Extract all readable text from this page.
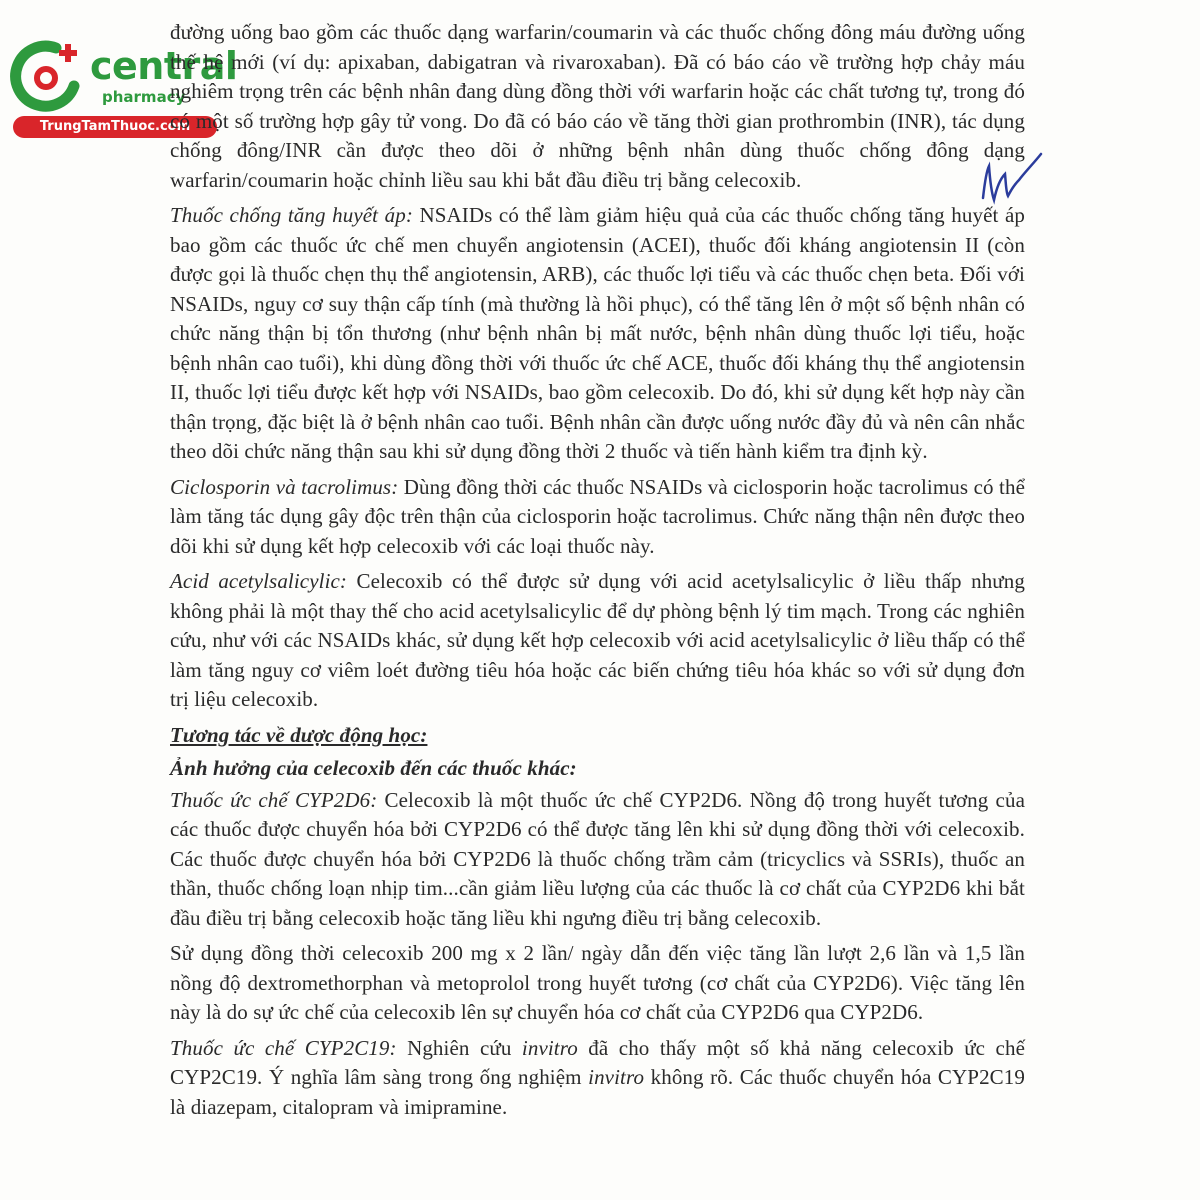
central
pharmacy
TrungTamThuoc.com

đường uống bao gồm các thuốc dạng warfarin/coumarin và các thuốc chống đông máu đường uống thế hệ mới (ví dụ: apixaban, dabigatran và rivaroxaban). Đã có báo cáo về trường hợp chảy máu nghiêm trọng trên các bệnh nhân đang dùng đồng thời với warfarin hoặc các chất tương tự, trong đó có một số trường hợp gây tử vong. Do đã có báo cáo về tăng thời gian prothrombin (INR), tác dụng chống đông/INR cần được theo dõi ở những bệnh nhân dùng thuốc chống đông dạng warfarin/coumarin hoặc chỉnh liều sau khi bắt đầu điều trị bằng celecoxib.

Thuốc chống tăng huyết áp: NSAIDs có thể làm giảm hiệu quả của các thuốc chống tăng huyết áp bao gồm các thuốc ức chế men chuyển angiotensin (ACEI), thuốc đối kháng angiotensin II (còn được gọi là thuốc chẹn thụ thể angiotensin, ARB), các thuốc lợi tiểu và các thuốc chẹn beta. Đối với NSAIDs, nguy cơ suy thận cấp tính (mà thường là hồi phục), có thể tăng lên ở một số bệnh nhân có chức năng thận bị tổn thương (như bệnh nhân bị mất nước, bệnh nhân dùng thuốc lợi tiểu, hoặc bệnh nhân cao tuổi), khi dùng đồng thời với thuốc ức chế ACE, thuốc đối kháng thụ thể angiotensin II, thuốc lợi tiểu được kết hợp với NSAIDs, bao gồm celecoxib. Do đó, khi sử dụng kết hợp này cần thận trọng, đặc biệt là ở bệnh nhân cao tuổi. Bệnh nhân cần được uống nước đầy đủ và nên cân nhắc theo dõi chức năng thận sau khi sử dụng đồng thời 2 thuốc và tiến hành kiểm tra định kỳ.

Ciclosporin và tacrolimus: Dùng đồng thời các thuốc NSAIDs và ciclosporin hoặc tacrolimus có thể làm tăng tác dụng gây độc trên thận của ciclosporin hoặc tacrolimus. Chức năng thận nên được theo dõi khi sử dụng kết hợp celecoxib với các loại thuốc này.

Acid acetylsalicylic: Celecoxib có thể được sử dụng với acid acetylsalicylic ở liều thấp nhưng không phải là một thay thế cho acid acetylsalicylic để dự phòng bệnh lý tim mạch. Trong các nghiên cứu, như với các NSAIDs khác, sử dụng kết hợp celecoxib với acid acetylsalicylic ở liều thấp có thể làm tăng nguy cơ viêm loét đường tiêu hóa hoặc các biến chứng tiêu hóa khác so với sử dụng đơn trị liệu celecoxib.

Tương tác về dược động học:

Ảnh hưởng của celecoxib đến các thuốc khác:

Thuốc ức chế CYP2D6: Celecoxib là một thuốc ức chế CYP2D6. Nồng độ trong huyết tương của các thuốc được chuyển hóa bởi CYP2D6 có thể được tăng lên khi sử dụng đồng thời với celecoxib. Các thuốc được chuyển hóa bởi CYP2D6 là thuốc chống trầm cảm (tricyclics và SSRIs), thuốc an thần, thuốc chống loạn nhịp tim...cần giảm liều lượng của các thuốc là cơ chất của CYP2D6 khi bắt đầu điều trị bằng celecoxib hoặc tăng liều khi ngưng điều trị bằng celecoxib.

Sử dụng đồng thời celecoxib 200 mg x 2 lần/ ngày dẫn đến việc tăng lần lượt 2,6 lần và 1,5 lần nồng độ dextromethorphan và metoprolol trong huyết tương (cơ chất của CYP2D6). Việc tăng lên này là do sự ức chế của celecoxib lên sự chuyển hóa cơ chất của CYP2D6 qua CYP2D6.

Thuốc ức chế CYP2C19: Nghiên cứu invitro đã cho thấy một số khả năng celecoxib ức chế CYP2C19. Ý nghĩa lâm sàng trong ống nghiệm invitro không rõ. Các thuốc chuyển hóa CYP2C19 là diazepam, citalopram và imipramine.
